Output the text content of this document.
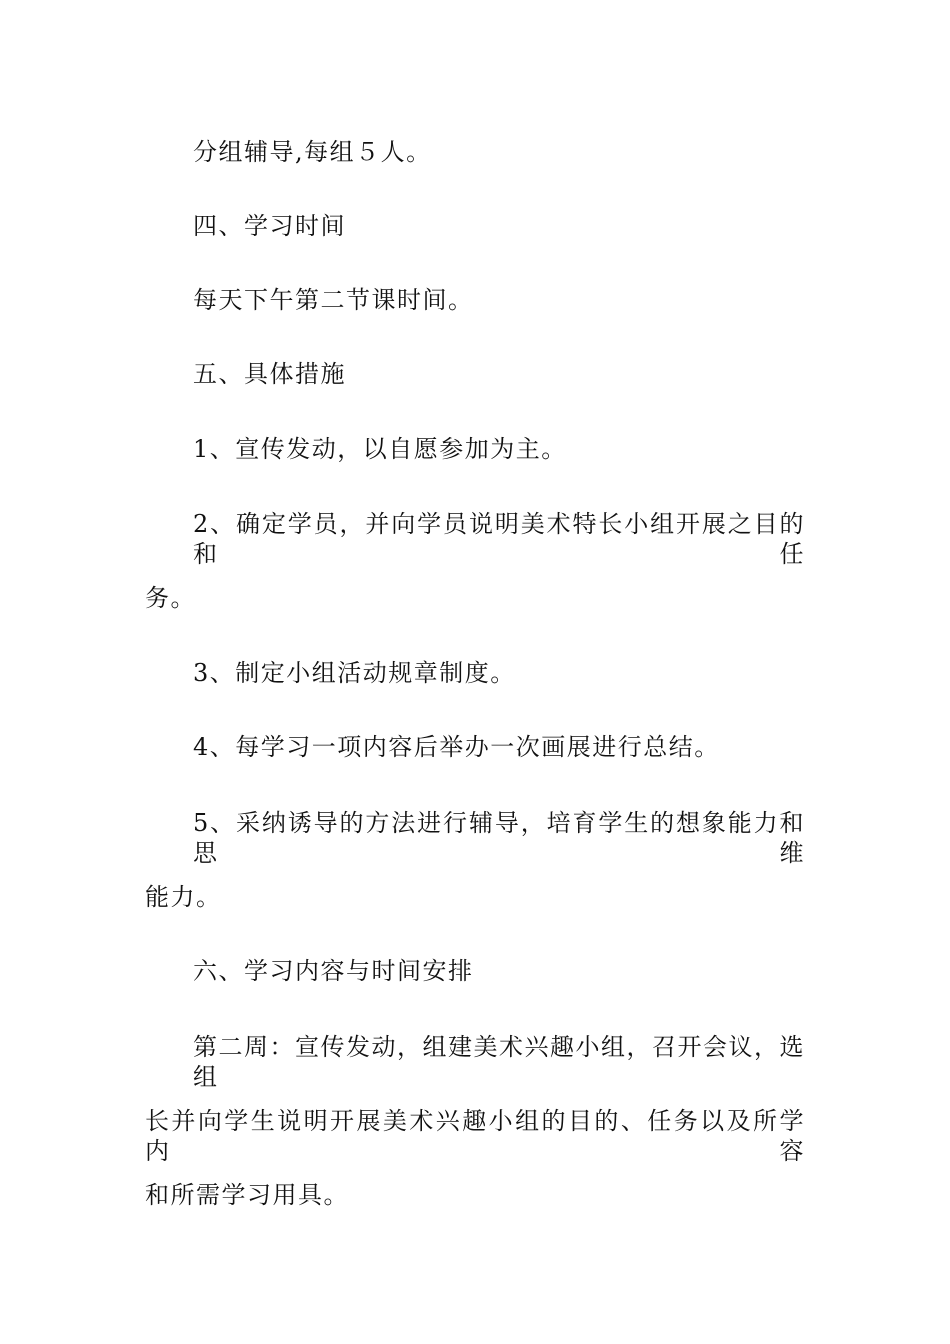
分组辅导,每组５人。

四、学习时间

每天下午第二节课时间。

五、具体措施

1、宣传发动，以自愿参加为主。

2、确定学员，并向学员说明美术特长小组开展之目的和任

务。

3、制定小组活动规章制度。

4、每学习一项内容后举办一次画展进行总结。

5、采纳诱导的方法进行辅导，培育学生的想象能力和思维

能力。

六、学习内容与时间安排

第二周：宣传发动，组建美术兴趣小组，召开会议，选组

长并向学生说明开展美术兴趣小组的目的、任务以及所学内容

和所需学习用具。
